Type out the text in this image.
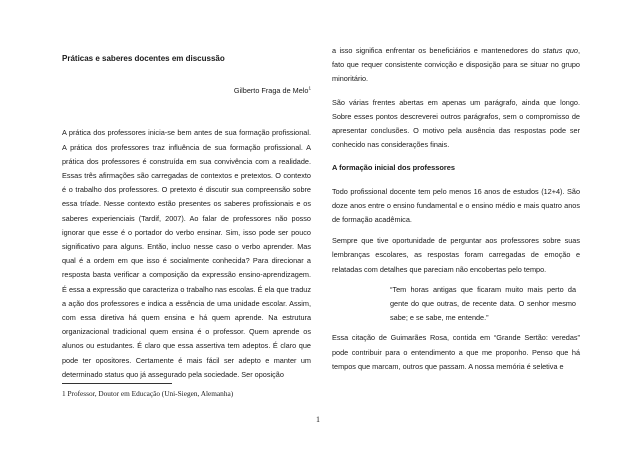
Práticas e saberes docentes em discussão

Gilberto Fraga de Melo$^1$

A prática dos professores inicia-se bem antes de sua formação profissional. A prática dos professores traz influência de sua formação profissional. A prática dos professores é construída em sua convivência com a realidade. Essas três afirmações são carregadas de contextos e pretextos. O contexto é o trabalho dos professores. O pretexto é discutir sua compreensão sobre essa tríade. Nesse contexto estão presentes os saberes profissionais e os saberes experienciais (Tardif, 2007). Ao falar de professores não posso ignorar que esse é o portador do verbo ensinar. Sim, isso pode ser pouco significativo para alguns. Então, incluo nesse caso o verbo aprender. Mas qual é a ordem em que isso é socialmente conhecida? Para direcionar a resposta basta verificar a composição da expressão ensino-aprendizagem. É essa a expressão que caracteriza o trabalho nas escolas. É ela que traduz a ação dos professores e indica a essência de uma unidade escolar. Assim, com essa diretiva há quem ensina e há quem aprende. Na estrutura organizacional tradicional quem ensina é o professor. Quem aprende os alunos ou estudantes. É claro que essa assertiva tem adeptos. É claro que pode ter opositores. Certamente é mais fácil ser adepto e manter um determinado status quo já assegurado pela sociedade. Ser oposição

a isso significa enfrentar os beneficiários e mantenedores do status quo, fato que requer consistente convicção e disposição para se situar no grupo minoritário.

São várias frentes abertas em apenas um parágrafo, ainda que longo. Sobre esses pontos descreverei outros parágrafos, sem o compromisso de apresentar conclusões. O motivo pela ausência das respostas pode ser conhecido nas considerações finais.

A formação inicial dos professores

Todo profissional docente tem pelo menos 16 anos de estudos (12+4). São doze anos entre o ensino fundamental e o ensino médio e mais quatro anos de formação acadêmica.

Sempre que tive oportunidade de perguntar aos professores sobre suas lembranças escolares, as respostas foram carregadas de emoção e relatadas com detalhes que pareciam não encobertas pelo tempo.

“Tem horas antigas que ficaram muito mais perto da gente do que outras, de recente data. O senhor mesmo sabe; e se sabe, me entende.”

Essa citação de Guimarães Rosa, contida em “Grande Sertão: veredas” pode contribuir para o entendimento a que me proponho. Penso que há tempos que marcam, outros que passam. A nossa memória é seletiva e

1 Professor, Doutor em Educação (Uni-Siegen, Alemanha)
1
